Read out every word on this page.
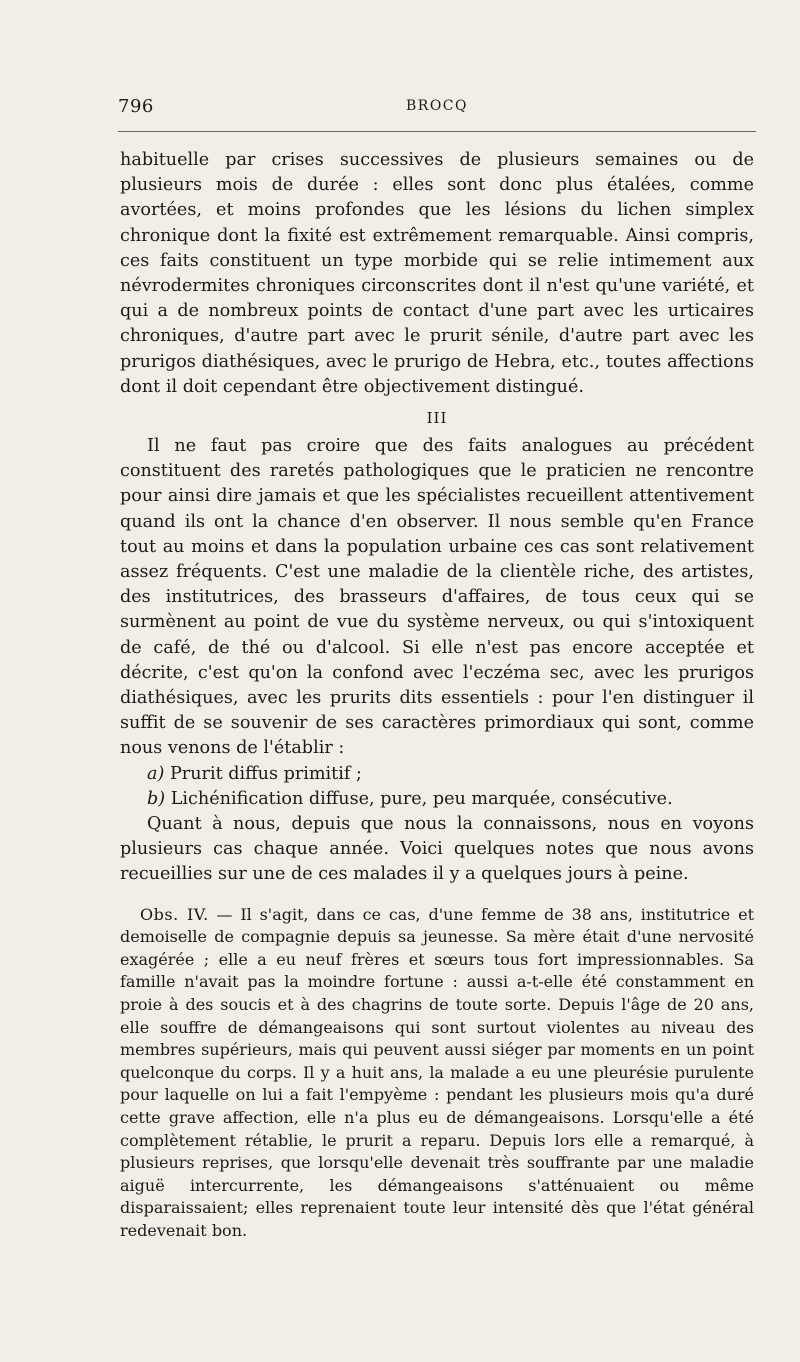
796	BROCQ

habituelle par crises successives de plusieurs semaines ou de plusieurs mois de durée : elles sont donc plus étalées, comme avortées, et moins profondes que les lésions du lichen simplex chronique dont la fixité est extrêmement remarquable. Ainsi compris, ces faits constituent un type morbide qui se relie intimement aux névrodermites chroniques circonscrites dont il n'est qu'une variété, et qui a de nombreux points de contact d'une part avec les urticaires chroniques, d'autre part avec le prurit sénile, d'autre part avec les prurigos diathésiques, avec le prurigo de Hebra, etc., toutes affections dont il doit cependant être objectivement distingué.

III

Il ne faut pas croire que des faits analogues au précédent constituent des raretés pathologiques que le praticien ne rencontre pour ainsi dire jamais et que les spécialistes recueillent attentivement quand ils ont la chance d'en observer. Il nous semble qu'en France tout au moins et dans la population urbaine ces cas sont relativement assez fréquents. C'est une maladie de la clientèle riche, des artistes, des institutrices, des brasseurs d'affaires, de tous ceux qui se surmènent au point de vue du système nerveux, ou qui s'intoxiquent de café, de thé ou d'alcool. Si elle n'est pas encore acceptée et décrite, c'est qu'on la confond avec l'eczéma sec, avec les prurigos diathésiques, avec les prurits dits essentiels : pour l'en distinguer il suffit de se souvenir de ses caractères primordiaux qui sont, comme nous venons de l'établir :

a) Prurit diffus primitif ;

b) Lichénification diffuse, pure, peu marquée, consécutive.

Quant à nous, depuis que nous la connaissons, nous en voyons plusieurs cas chaque année. Voici quelques notes que nous avons recueillies sur une de ces malades il y a quelques jours à peine.

Obs. IV. — Il s'agit, dans ce cas, d'une femme de 38 ans, institutrice et demoiselle de compagnie depuis sa jeunesse. Sa mère était d'une nervosité exagérée ; elle a eu neuf frères et sœurs tous fort impressionnables. Sa famille n'avait pas la moindre fortune : aussi a-t-elle été constamment en proie à des soucis et à des chagrins de toute sorte. Depuis l'âge de 20 ans, elle souffre de démangeaisons qui sont surtout violentes au niveau des membres supérieurs, mais qui peuvent aussi siéger par moments en un point quelconque du corps. Il y a huit ans, la malade a eu une pleurésie purulente pour laquelle on lui a fait l'empyème : pendant les plusieurs mois qu'a duré cette grave affection, elle n'a plus eu de démangeaisons. Lorsqu'elle a été complètement rétablie, le prurit a reparu. Depuis lors elle a remarqué, à plusieurs reprises, que lorsqu'elle devenait très souffrante par une maladie aiguë intercurrente, les démangeaisons s'atténuaient ou même disparaissaient; elles reprenaient toute leur intensité dès que l'état général redevenait bon.
